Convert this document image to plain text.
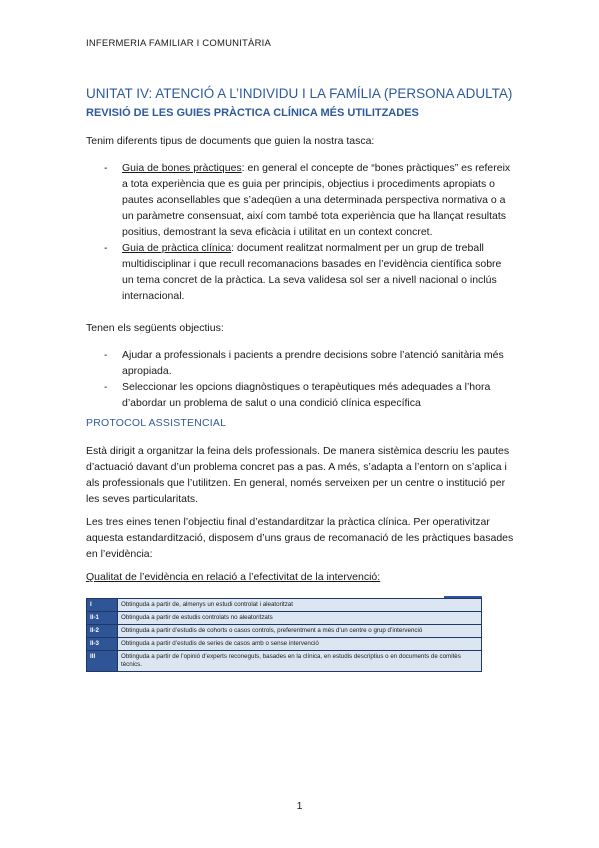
INFERMERIA FAMILIAR I COMUNITÀRIA
UNITAT IV: ATENCIÓ A L’INDIVIDU I LA FAMÍLIA (PERSONA ADULTA)
REVISIÓ DE LES GUIES PRÀCTICA CLÍNICA MÉS UTILITZADES
Tenim diferents tipus de documents que guien la nostra tasca:
- Guia de bones pràctiques: en general el concepte de “bones pràctiques” es refereix a tota experiència que es guia per principis, objectius i procediments apropiats o pautes aconsellables que s’adeqüen a una determinada perspectiva normativa o a un paràmetre consensuat, així com també tota experiència que ha llançat resultats positius, demostrant la seva eficàcia i utilitat en un context concret.
- Guia de pràctica clínica: document realitzat normalment per un grup de treball multidisciplinar i que recull recomanacions basades en l’evidència científica sobre un tema concret de la pràctica. La seva validesa sol ser a nivell nacional o inclús internacional.
Tenen els següents objectius:
- Ajudar a professionals i pacients a prendre decisions sobre l’atenció sanitària més apropiada.
- Seleccionar les opcions diagnòstiques o terapèutiques més adequades a l’hora d’abordar un problema de salut o una condició clínica específica
PROTOCOL ASSISTENCIAL
Està dirigit a organitzar la feina dels professionals. De manera sistèmica descriu les pautes d’actuació davant d’un problema concret pas a pas. A més, s’adapta a l’entorn on s’aplica i als professionals que l’utilitzen. En general, només serveixen per un centre o institució per les seves particularitats.
Les tres eines tenen l’objectiu final d’estandarditzar la pràctica clínica. Per operativitzar aquesta estandardització, disposem d’uns graus de recomanació de les pràctiques basades en l’evidència:
Qualitat de l’evidència en relació a l’efectivitat de la intervenció:
I	Obtinguda a partir de, almenys un estudi controlat i aleatoritzat
II-1	Obtinguda a partir de estudis controlats no aleatoritzats
II-2	Obtinguda a partir d’estudis de cohorts o casos controls, preferentment a més d’un centre o grup d’intervenció
II-3	Obtinguda a partir d’estudis de series de casos amb o sense intervenció
III	Obtinguda a partir de l’opinió d’experts reconeguts, basades en la clínica, en estudis descriptius o en documents de comitès tècnics.
1
